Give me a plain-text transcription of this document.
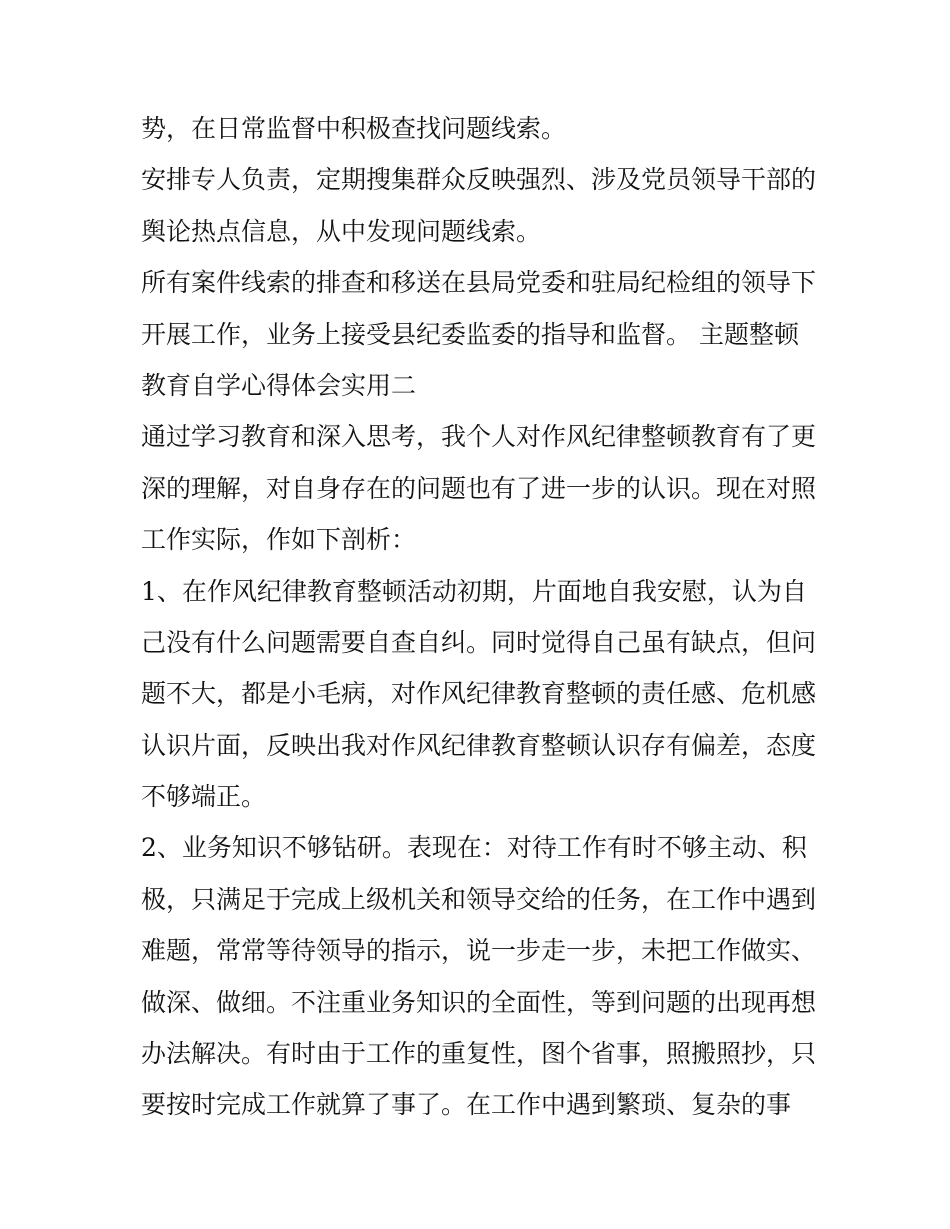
势，在日常监督中积极查找问题线索。
安排专人负责，定期搜集群众反映强烈、涉及党员领导干部的
舆论热点信息，从中发现问题线索。
所有案件线索的排查和移送在县局党委和驻局纪检组的领导下
开展工作，业务上接受县纪委监委的指导和监督。 主题整顿
教育自学心得体会实用二
通过学习教育和深入思考，我个人对作风纪律整顿教育有了更
深的理解，对自身存在的问题也有了进一步的认识。现在对照
工作实际，作如下剖析：
1、在作风纪律教育整顿活动初期，片面地自我安慰，认为自
己没有什么问题需要自查自纠。同时觉得自己虽有缺点，但问
题不大，都是小毛病，对作风纪律教育整顿的责任感、危机感
认识片面，反映出我对作风纪律教育整顿认识存有偏差，态度
不够端正。
2、业务知识不够钻研。表现在：对待工作有时不够主动、积
极，只满足于完成上级机关和领导交给的任务，在工作中遇到
难题，常常等待领导的指示，说一步走一步，未把工作做实、
做深、做细。不注重业务知识的全面性，等到问题的出现再想
办法解决。有时由于工作的重复性，图个省事，照搬照抄，只
要按时完成工作就算了事了。在工作中遇到繁琐、复杂的事
